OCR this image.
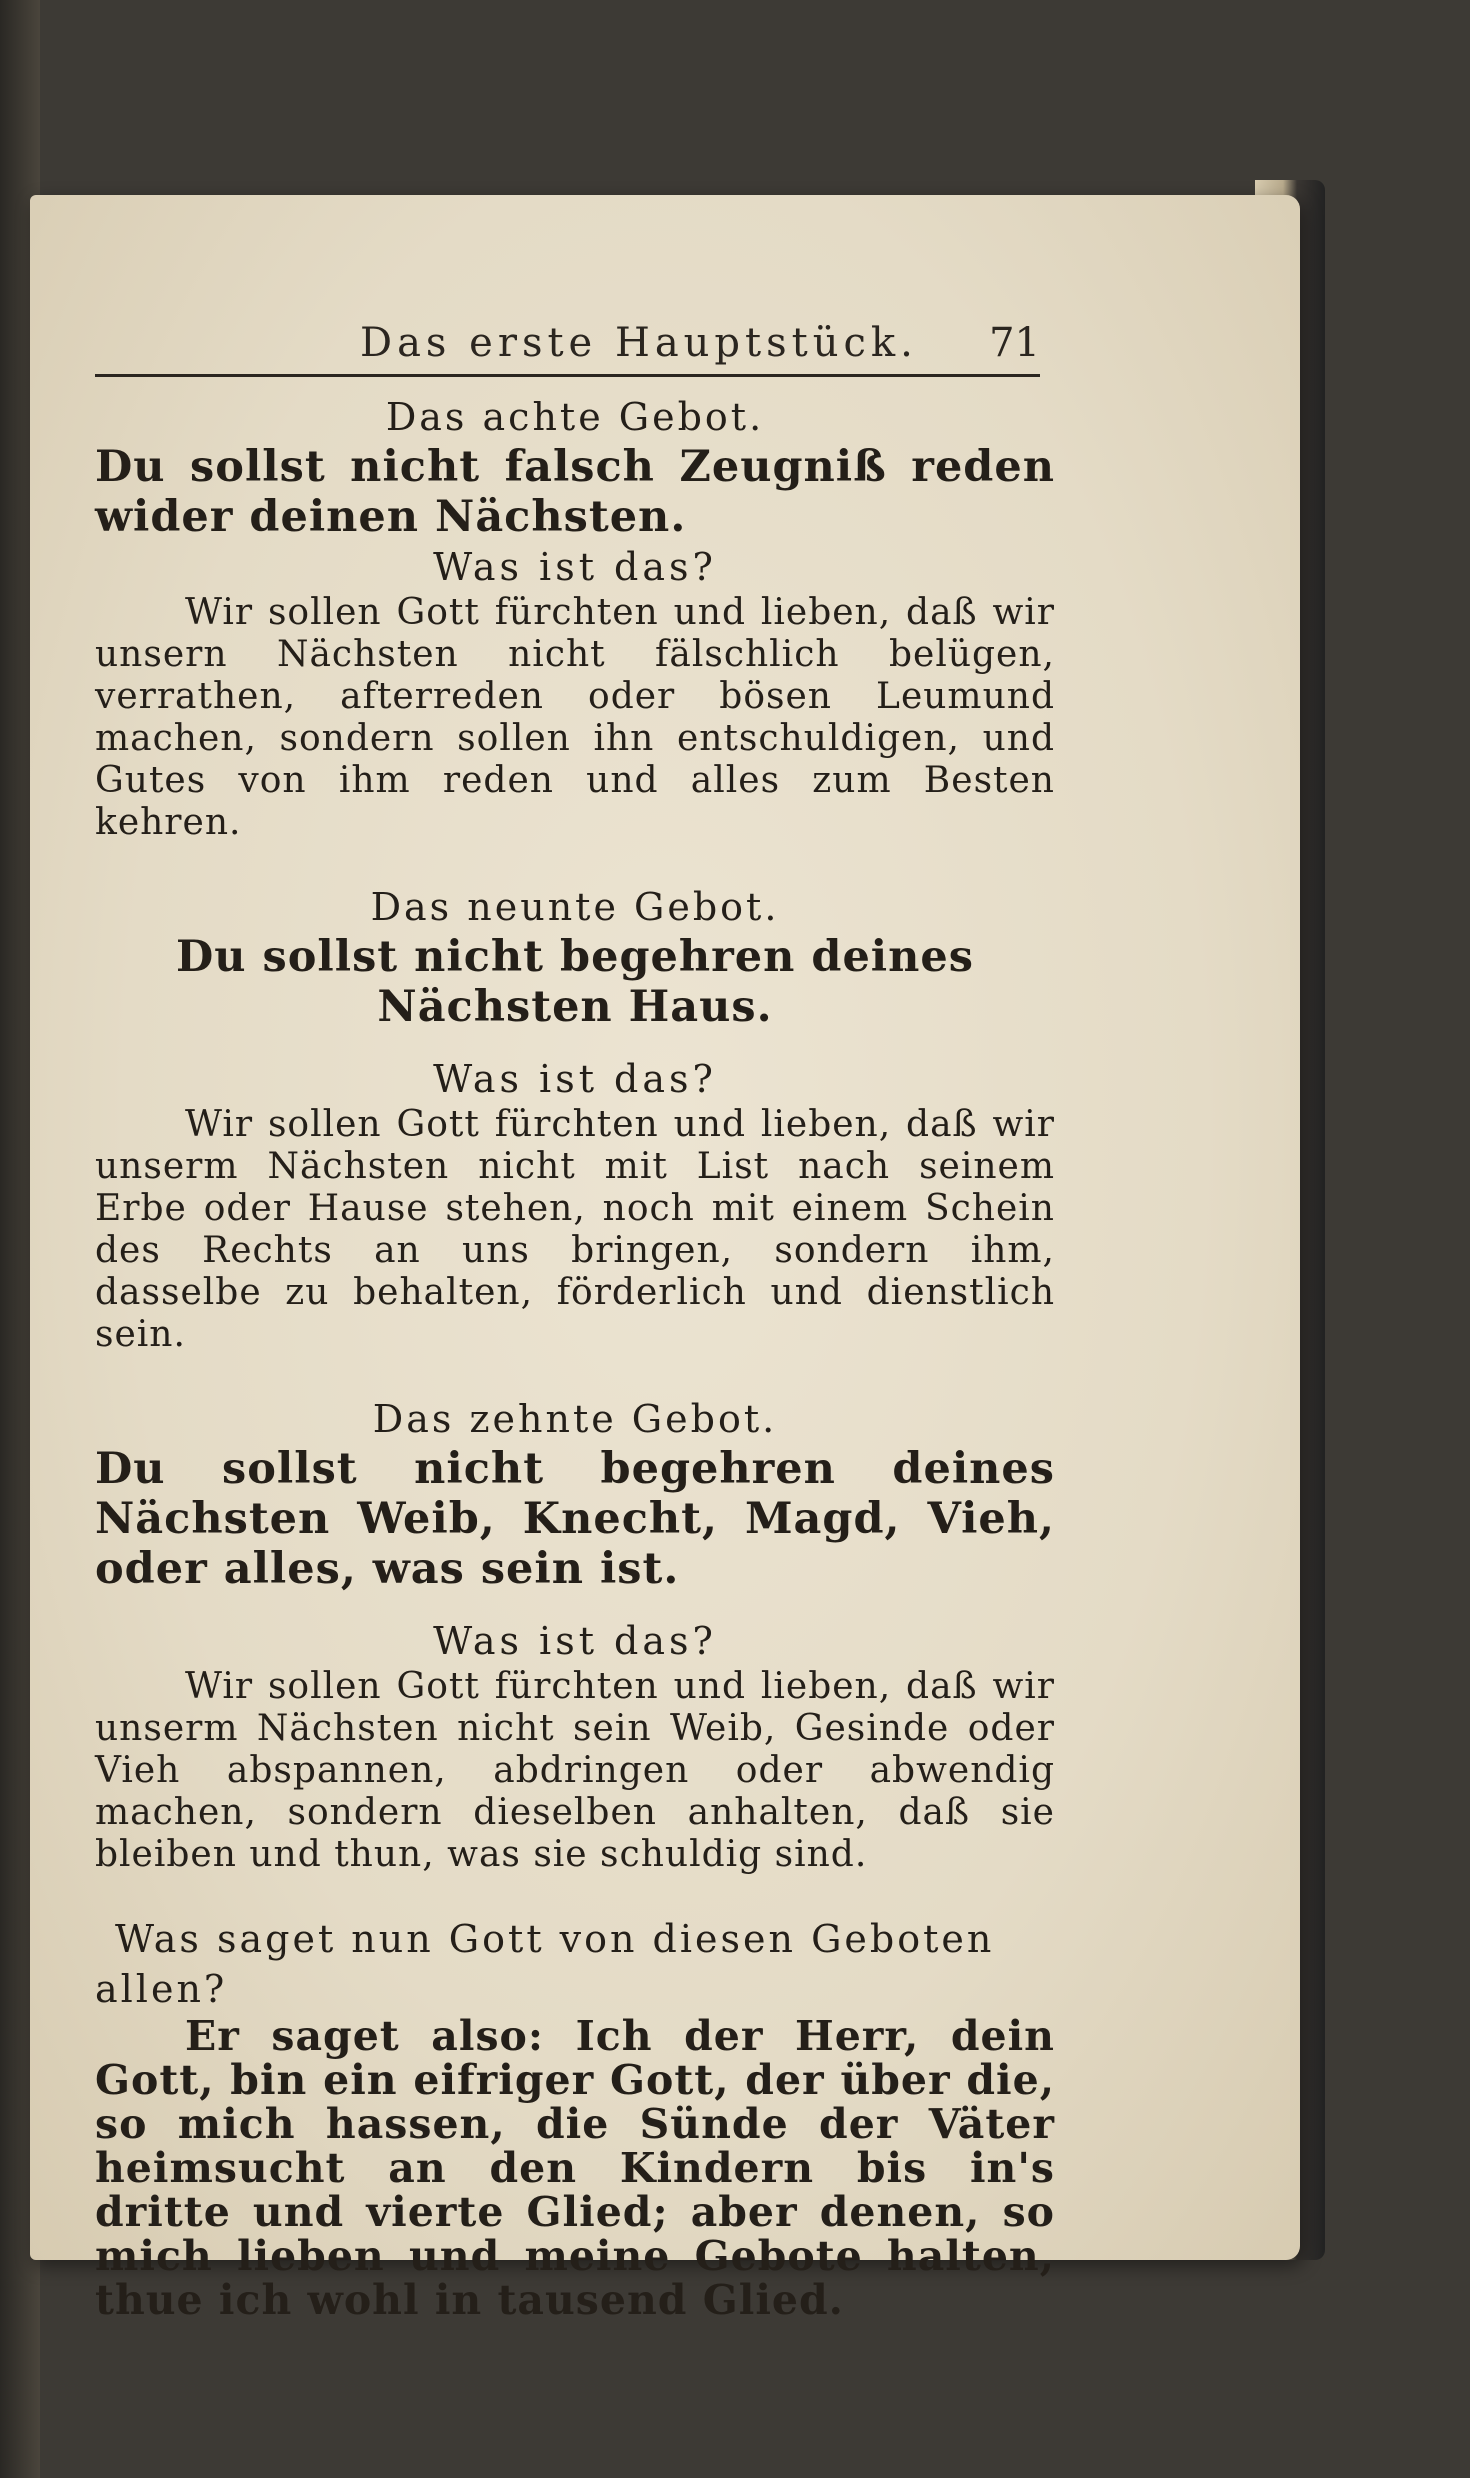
Das erste Hauptstück. 71

Das achte Gebot.

Du sollst nicht falsch Zeugniß reden wider deinen Nächsten.

Was ist das?

Wir sollen Gott fürchten und lieben, daß wir unsern Nächsten nicht fälschlich belügen, verrathen, afterreden oder bösen Leumund machen, sondern sollen ihn entschuldigen, und Gutes von ihm reden und alles zum Besten kehren.

Das neunte Gebot.

Du sollst nicht begehren deines Nächsten Haus.

Was ist das?

Wir sollen Gott fürchten und lieben, daß wir unserm Nächsten nicht mit List nach seinem Erbe oder Hause stehen, noch mit einem Schein des Rechts an uns bringen, sondern ihm, dasselbe zu behalten, förderlich und dienstlich sein.

Das zehnte Gebot.

Du sollst nicht begehren deines Nächsten Weib, Knecht, Magd, Vieh, oder alles, was sein ist.

Was ist das?

Wir sollen Gott fürchten und lieben, daß wir unserm Nächsten nicht sein Weib, Gesinde oder Vieh abspannen, abdringen oder abwendig machen, sondern dieselben anhalten, daß sie bleiben und thun, was sie schuldig sind.

Was saget nun Gott von diesen Geboten allen?

Er saget also: Ich der Herr, dein Gott, bin ein eifriger Gott, der über die, so mich hassen, die Sünde der Väter heimsucht an den Kindern bis in's dritte und vierte Glied; aber denen, so mich lieben und meine Gebote halten, thue ich wohl in tausend Glied.
